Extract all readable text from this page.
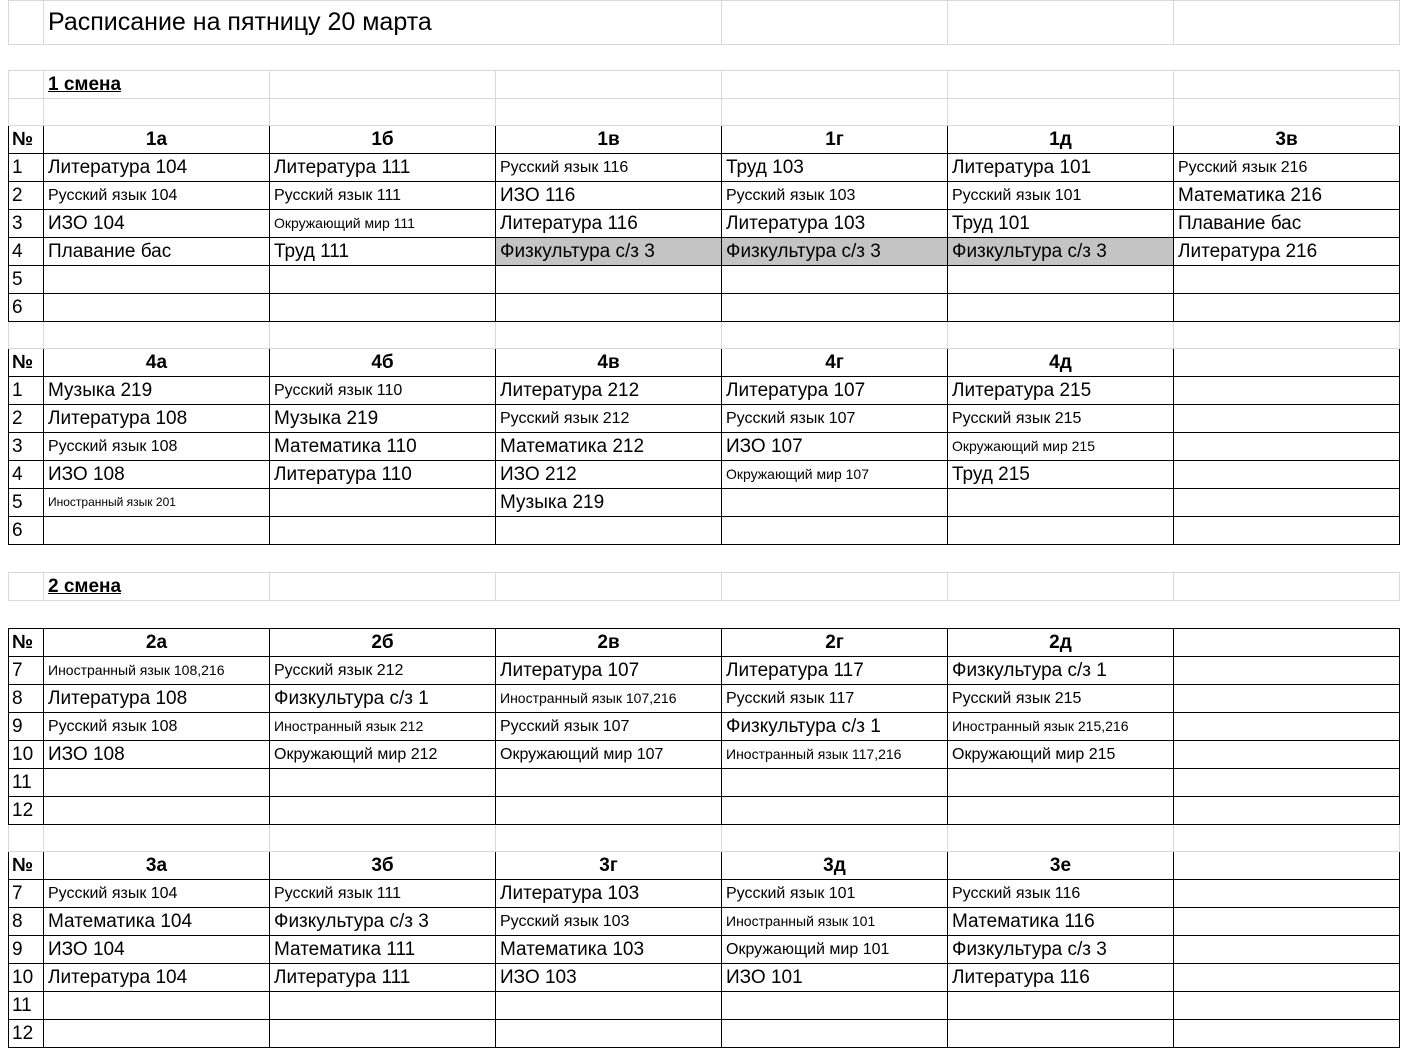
	Расписание на пятницу 20 марта					

	1 смена					

№	1а	1б	1в	1г	1д	3в
1	Литература 104	Литература 111	Русский язык 116	Труд 103	Литература 101	Русский язык 216
2	Русский язык 104	Русский язык 111	ИЗО 116	Русский язык 103	Русский язык 101	Математика 216
3	ИЗО 104	Окружающий мир 111	Литература 116	Литература 103	Труд 101	Плавание бас
4	Плавание бас	Труд 111	Физкультура с/з 3	Физкультура с/з 3	Физкультура с/з 3	Литература 216
5						
6						

№	4а	4б	4в	4г	4д	
1	Музыка 219	Русский язык 110	Литература 212	Литература 107	Литература 215	
2	Литература 108	Музыка 219	Русский язык 212	Русский язык 107	Русский язык 215	
3	Русский язык 108	Математика 110	Математика 212	ИЗО 107	Окружающий мир 215	
4	ИЗО 108	Литература 110	ИЗО 212	Окружающий мир 107	Труд 215	
5	Иностранный язык 201		Музыка 219			
6						

	2 смена					

№	2а	2б	2в	2г	2д	
7	Иностранный язык 108,216	Русский язык 212	Литература 107	Литература 117	Физкультура с/з 1	
8	Литература 108	Физкультура с/з 1	Иностранный язык 107,216	Русский язык 117	Русский язык 215	
9	Русский язык 108	Иностранный язык 212	Русский язык 107	Физкультура с/з 1	Иностранный язык 215,216	
10	ИЗО 108	Окружающий мир 212	Окружающий мир 107	Иностранный язык 117,216	Окружающий мир 215	
11						
12						

№	3а	3б	3г	3д	3е	
7	Русский язык 104	Русский язык 111	Литература 103	Русский язык 101	Русский язык 116	
8	Математика 104	Физкультура с/з 3	Русский язык 103	Иностранный язык 101	Математика 116	
9	ИЗО 104	Математика 111	Математика 103	Окружающий мир 101	Физкультура с/з 3	
10	Литература 104	Литература 111	ИЗО 103	ИЗО 101	Литература 116	
11						
12						
